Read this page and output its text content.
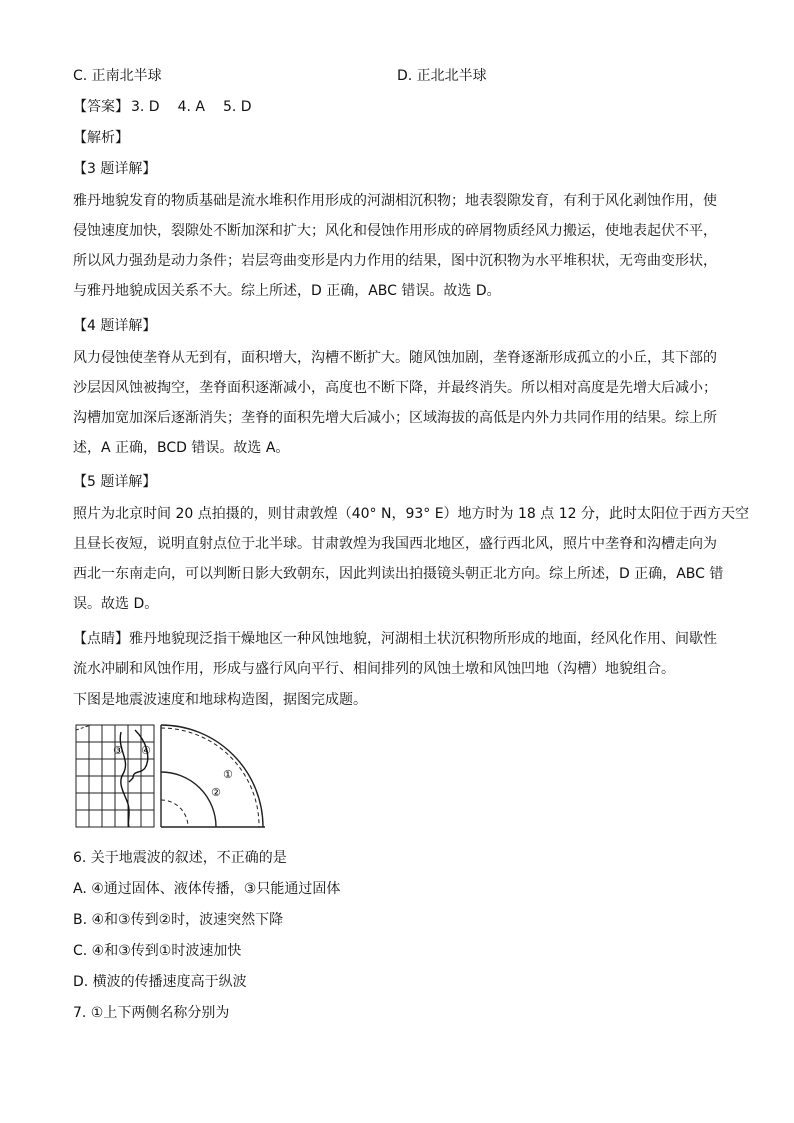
C. 正南北半球	D. 正北北半球
【答案】 3. D 4. A 5. D
【解析】
【3 题详解】
雅丹地貌发育的物质基础是流水堆积作用形成的河湖相沉积物；地表裂隙发育，有利于风化剥蚀作用，使
侵蚀速度加快，裂隙处不断加深和扩大；风化和侵蚀作用形成的碎屑物质经风力搬运，使地表起伏不平，
所以风力强劲是动力条件；岩层弯曲变形是内力作用的结果，图中沉积物为水平堆积状，无弯曲变形状，
与雅丹地貌成因关系不大。综上所述，D 正确，ABC 错误。故选 D。
【4 题详解】
风力侵蚀使垄脊从无到有，面积增大，沟槽不断扩大。随风蚀加剧，垄脊逐渐形成孤立的小丘，其下部的
沙层因风蚀被掏空，垄脊面积逐渐减小，高度也不断下降，并最终消失。所以相对高度是先增大后减小；
沟槽加宽加深后逐渐消失；垄脊的面积先增大后减小；区域海拔的高低是内外力共同作用的结果。综上所
述，A 正确，BCD 错误。故选 A。
【5 题详解】
照片为北京时间 20 点拍摄的，则甘肃敦煌（40° N，93° E）地方时为 18 点 12 分，此时太阳位于西方天空
且昼长夜短，说明直射点位于北半球。甘肃敦煌为我国西北地区，盛行西北风，照片中垄脊和沟槽走向为
西北一东南走向，可以判断日影大致朝东，因此判读出拍摄镜头朝正北方向。综上所述，D 正确，ABC 错
误。故选 D。
【点睛】雅丹地貌现泛指干燥地区一种风蚀地貌，河湖相土状沉积物所形成的地面，经风化作用、间歇性
流水冲刷和风蚀作用，形成与盛行风向平行、相间排列的风蚀土墩和风蚀凹地（沟槽）地貌组合。
下图是地震波速度和地球构造图，据图完成题。
③ ④
①
②
6. 关于地震波的叙述，不正确的是
A. ④通过固体、液体传播，③只能通过固体
B. ④和③传到②时，波速突然下降
C. ④和③传到①时波速加快
D. 横波的传播速度高于纵波
7. ①上下两侧名称分别为
